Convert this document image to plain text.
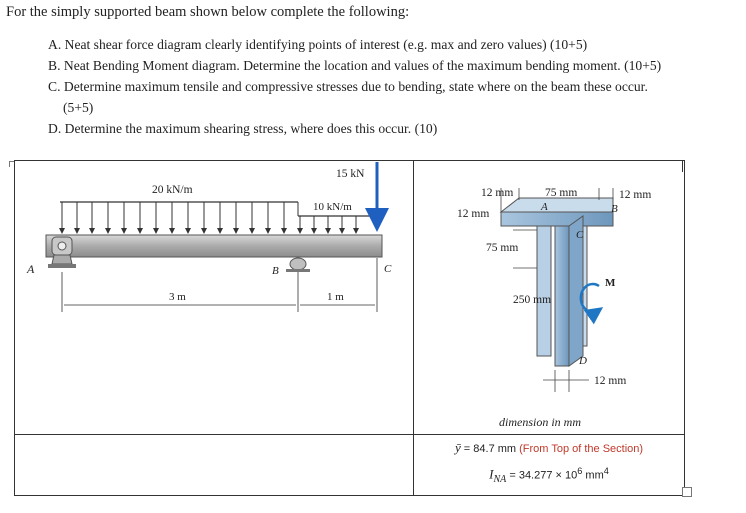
For the simply supported beam shown below complete the following:
A. Neat shear force diagram clearly identifying points of interest (e.g. max and zero values) (10+5)
B. Neat Bending Moment diagram. Determine the location and values of the maximum bending moment. (10+5)
C. Determine maximum tensile and compressive stresses due to bending, state where on the beam these occur.
(5+5)
D. Determine the maximum shearing stress, where does this occur. (10)
20 kN/m
10 kN/m
15 kN
A	B	C
3 m	1 m
12 mm	75 mm	12 mm
12 mm
75 mm
250 mm
12 mm
A	B
C
D
M
dimension in mm
ȳ = 84.7 mm (From Top of the Section)
$I_{NA} = 34.277 \times 10^6$ $mm^4$
